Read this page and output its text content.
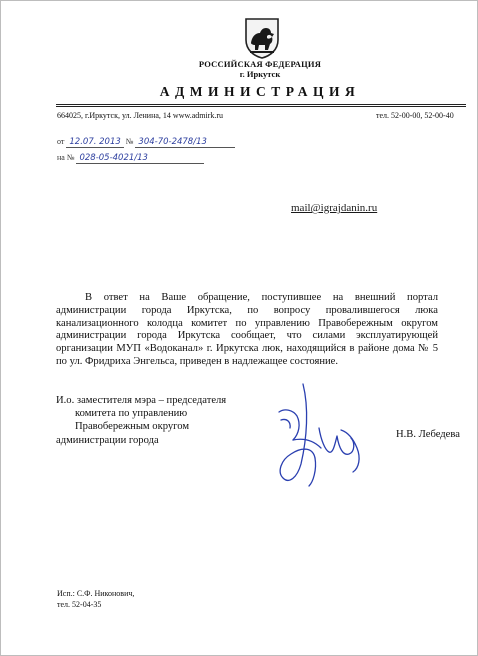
РОССИЙСКАЯ ФЕДЕРАЦИЯ
г. Иркутск
АДМИНИСТРАЦИЯ
664025, г.Иркутск, ул. Ленина, 14 www.admirk.ru	тел. 52-00-00, 52-00-40
от 12.07. 2013 № 304-70-2478/13
на № 028-05-4021/13
mail@igrajdanin.ru
В ответ на Ваше обращение, поступившее на внешний портал администрации города Иркутска, по вопросу провалившегося люка канализационного колодца комитет по управлению Правобережным округом администрации города Иркутска сообщает, что силами эксплуатирующей организации МУП «Водоканал» г. Иркутска люк, находящийся в районе дома № 5 по ул. Фридриха Энгельса, приведен в надлежащее состояние.
И.о. заместителя мэра – председателя
комитета по управлению
Правобережным округом
администрации города
Н.В. Лебедева
Исп.: С.Ф. Никонович,
тел. 52-04-35
